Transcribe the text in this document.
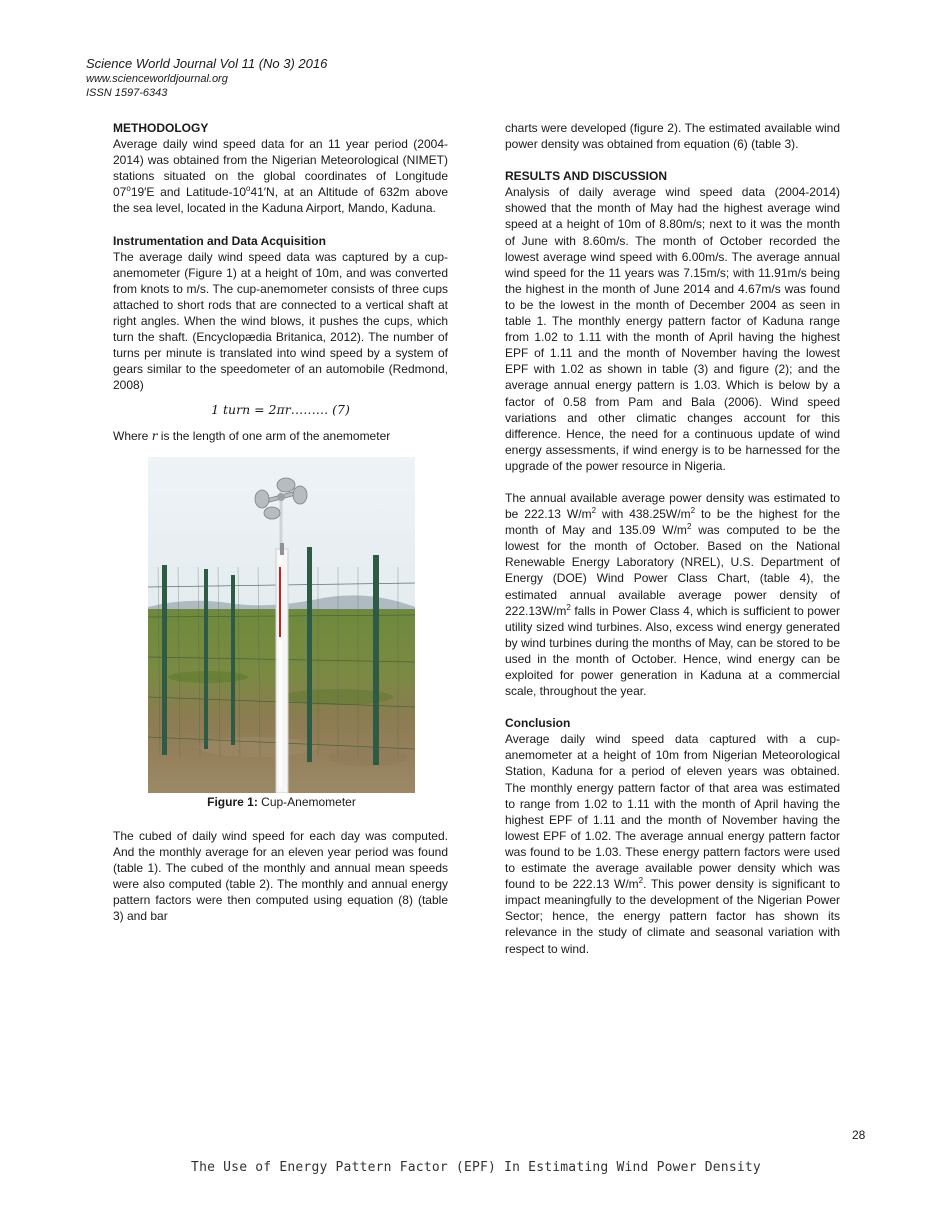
Science World Journal Vol 11 (No 3) 2016
www.scienceworldjournal.org
ISSN 1597-6343

METHODOLOGY

Average daily wind speed data for an 11 year period (2004-2014) was obtained from the Nigerian Meteorological (NIMET) stations situated on the global coordinates of Longitude 07$^o$19′E and Latitude-10$^o$41′N, at an Altitude of 632m above the sea level, located in the Kaduna Airport, Mando, Kaduna.

Instrumentation and Data Acquisition

The average daily wind speed data was captured by a cup-anemometer (Figure 1) at a height of 10m, and was converted from knots to m/s. The cup-anemometer consists of three cups attached to short rods that are connected to a vertical shaft at right angles. When the wind blows, it pushes the cups, which turn the shaft. (Encyclopædia Britanica, 2012). The number of turns per minute is translated into wind speed by a system of gears similar to the speedometer of an automobile (Redmond, 2008)

1 turn = 2πr……… (7)

Where r is the length of one arm of the anemometer

Figure 1: Cup-Anemometer

The cubed of daily wind speed for each day was computed. And the monthly average for an eleven year period was found (table 1). The cubed of the monthly and annual mean speeds were also computed (table 2). The monthly and annual energy pattern factors were then computed using equation (8) (table 3) and bar

charts were developed (figure 2). The estimated available wind power density was obtained from equation (6) (table 3).

RESULTS AND DISCUSSION

Analysis of daily average wind speed data (2004-2014) showed that the month of May had the highest average wind speed at a height of 10m of 8.80m/s; next to it was the month of June with 8.60m/s. The month of October recorded the lowest average wind speed with 6.00m/s. The average annual wind speed for the 11 years was 7.15m/s; with 11.91m/s being the highest in the month of June 2014 and 4.67m/s was found to be the lowest in the month of December 2004 as seen in table 1. The monthly energy pattern factor of Kaduna range from 1.02 to 1.11 with the month of April having the highest EPF of 1.11 and the month of November having the lowest EPF with 1.02 as shown in table (3) and figure (2); and the average annual energy pattern is 1.03. Which is below by a factor of 0.58 from Pam and Bala (2006). Wind speed variations and other climatic changes account for this difference. Hence, the need for a continuous update of wind energy assessments, if wind energy is to be harnessed for the upgrade of the power resource in Nigeria.

The annual available average power density was estimated to be 222.13 $W/m^2$ with $438.25W/m^2$ to be the highest for the month of May and 135.09 $W/m^2$ was computed to be the lowest for the month of October. Based on the National Renewable Energy Laboratory (NREL), U.S. Department of Energy (DOE) Wind Power Class Chart, (table 4), the estimated annual available average power density of $222.13W/m^2$ falls in Power Class 4, which is sufficient to power utility sized wind turbines. Also, excess wind energy generated by wind turbines during the months of May, can be stored to be used in the month of October. Hence, wind energy can be exploited for power generation in Kaduna at a commercial scale, throughout the year.

Conclusion

Average daily wind speed data captured with a cup-anemometer at a height of 10m from Nigerian Meteorological Station, Kaduna for a period of eleven years was obtained. The monthly energy pattern factor of that area was estimated to range from 1.02 to 1.11 with the month of April having the highest EPF of 1.11 and the month of November having the lowest EPF of 1.02. The average annual energy pattern factor was found to be 1.03. These energy pattern factors were used to estimate the average available power density which was found to be 222.13 $W/m^2$. This power density is significant to impact meaningfully to the development of the Nigerian Power Sector; hence, the energy pattern factor has shown its relevance in the study of climate and seasonal variation with respect to wind.

28
The Use of Energy Pattern Factor (EPF) In Estimating Wind Power Density
